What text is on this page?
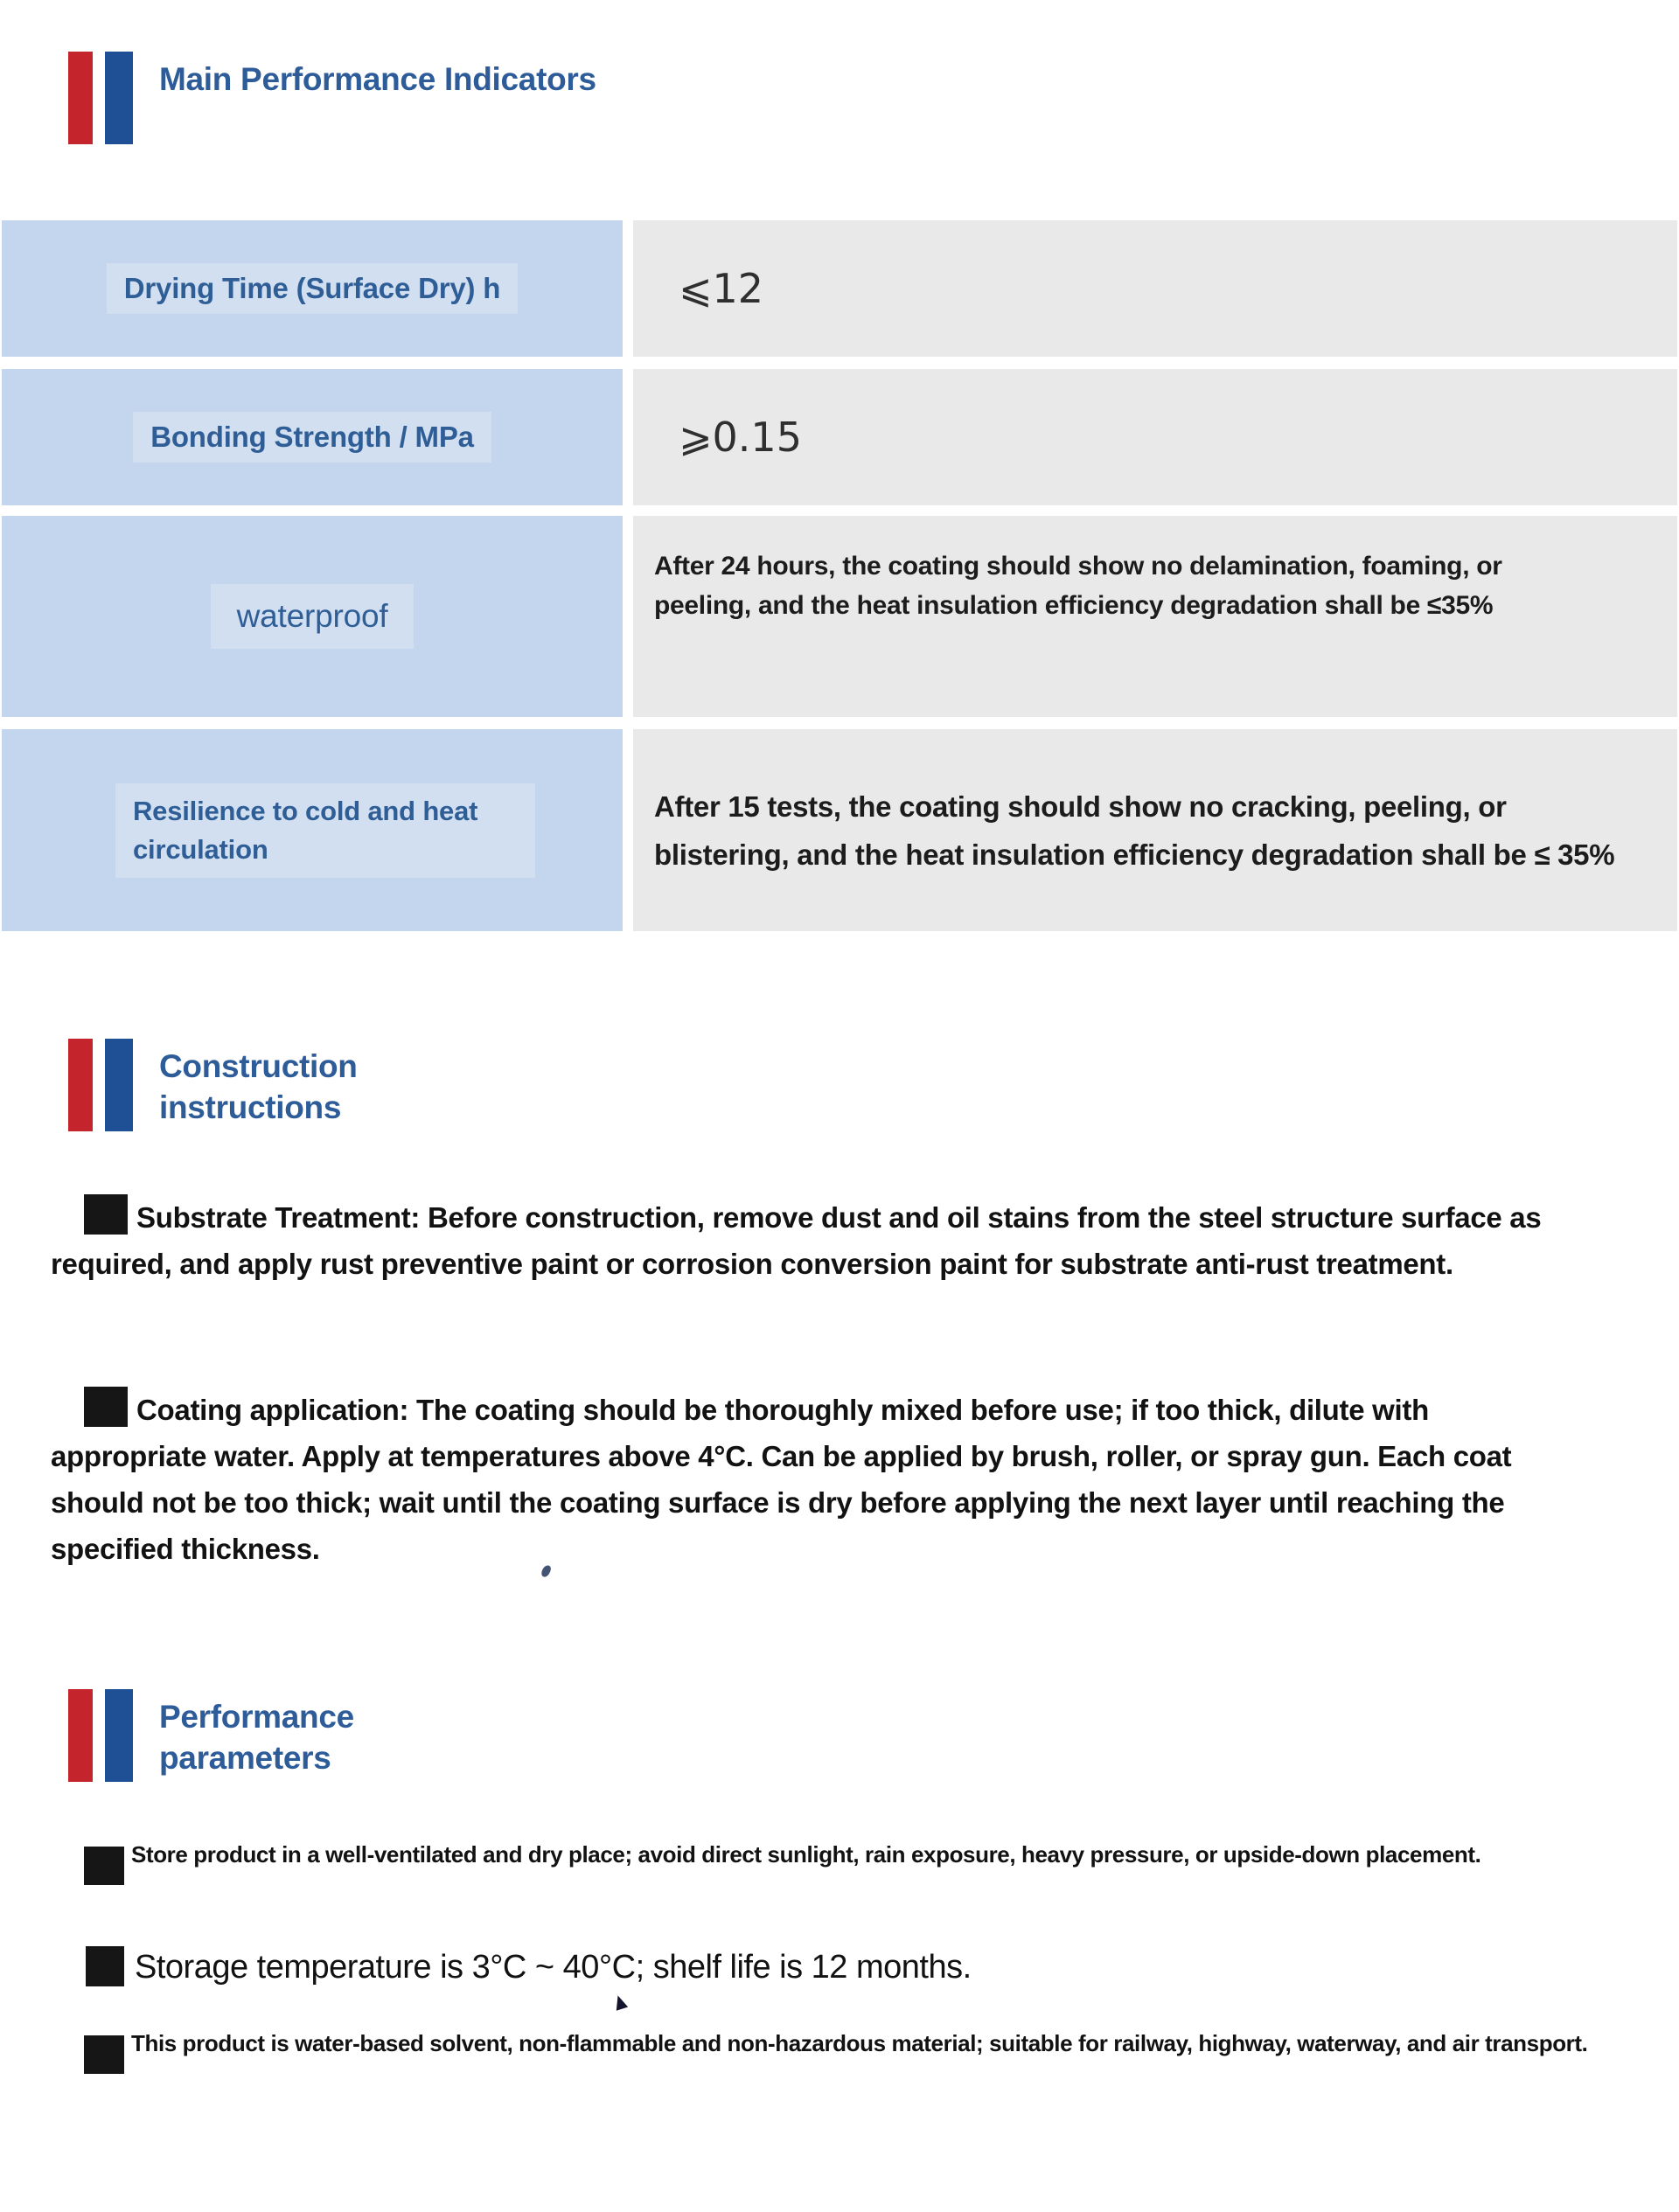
Main Performance Indicators
Drying Time (Surface Dry) h	⩽12
Bonding Strength / MPa	⩾0.15
waterproof
After 24 hours, the coating should show no delamination, foaming, or peeling, and the heat insulation efficiency degradation shall be ≤35%
Resilience to cold and heat circulation
After 15 tests, the coating should show no cracking, peeling, or blistering, and the heat insulation efficiency degradation shall be ≤ 35%
Construction
instructions
Substrate Treatment: Before construction, remove dust and oil stains from the steel structure surface as required, and apply rust preventive paint or corrosion conversion paint for substrate anti-rust treatment.
Coating application: The coating should be thoroughly mixed before use; if too thick, dilute with appropriate water. Apply at temperatures above 4°C. Can be applied by brush, roller, or spray gun. Each coat should not be too thick; wait until the coating surface is dry before applying the next layer until reaching the specified thickness.
Performance
parameters
Store product in a well-ventilated and dry place; avoid direct sunlight, rain exposure, heavy pressure, or upside-down placement.
Storage temperature is 3°C ~ 40°C; shelf life is 12 months.
This product is water-based solvent, non-flammable and non-hazardous material; suitable for railway, highway, waterway, and air transport.
